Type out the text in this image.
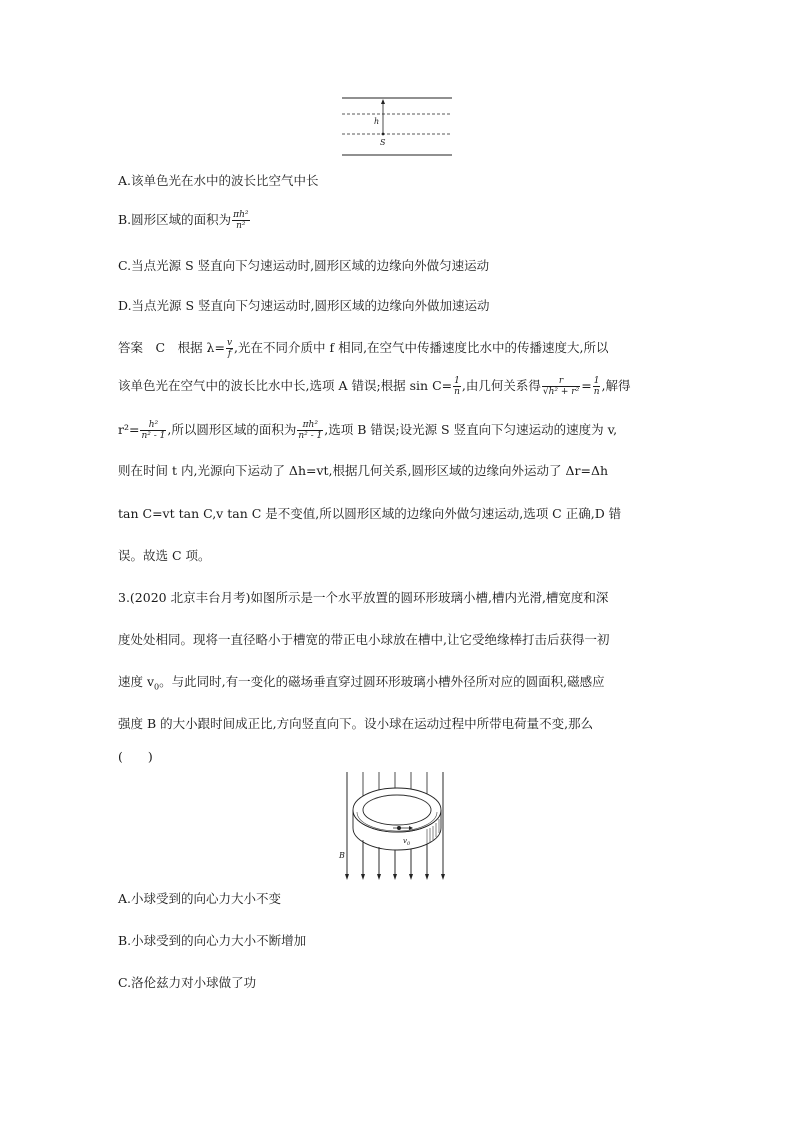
h
S
A.该单色光在水中的波长比空气中长
B.圆形区域的面积为 $\frac{\text{πh²}}{\text{n²}}$
C.当点光源 S 竖直向下匀速运动时,圆形区域的边缘向外做匀速运动
D.当点光源 S 竖直向下匀速运动时,圆形区域的边缘向外做加速运动
答案　C　根据 $\lambda= \frac{v}{f}$ ,光在不同介质中 f 相同,在空气中传播速度比水中的传播速度大,所以
该单色光在空气中的波长比水中长,选项 A 错误;根据 $\sin C= \frac{1}{n}$ ,由几何关系得 $\frac{r}{\text{√h² + r²}} = \frac{1}{n}$ ,解得
$r^2= \frac{\text{h²}}{\text{n² - 1}}$ ,所以圆形区域的面积为 $\frac{\text{πh²}}{\text{n² - 1}}$ ,选项 B 错误;设光源 S 竖直向下匀速运动的速度为 v,
则在时间 t 内,光源向下运动了 Δh=vt,根据几何关系,圆形区域的边缘向外运动了 Δr=Δh
tan C=vt tan C,v tan C 是不变值,所以圆形区域的边缘向外做匀速运动,选项 C 正确,D 错
误。故选 C 项。
3.(2020 北京丰台月考)如图所示是一个水平放置的圆环形玻璃小槽,槽内光滑,槽宽度和深
度处处相同。现将一直径略小于槽宽的带正电小球放在槽中,让它受绝缘棒打击后获得一初
速度 $v_0$。与此同时,有一变化的磁场垂直穿过圆环形玻璃小槽外径所对应的圆面积,磁感应
强度 B 的大小跟时间成正比,方向竖直向下。设小球在运动过程中所带电荷量不变,那么
(　　)
B
$v_0$
A.小球受到的向心力大小不变
B.小球受到的向心力大小不断增加
C.洛伦兹力对小球做了功
